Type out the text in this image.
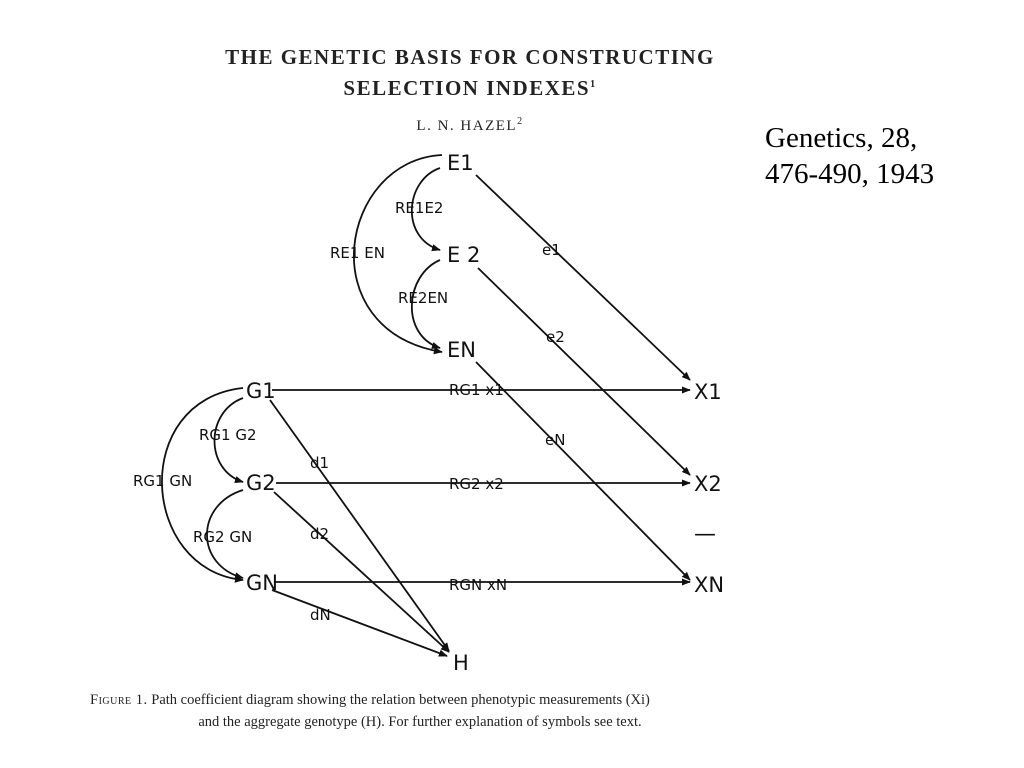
THE GENETIC BASIS FOR CONSTRUCTING
SELECTION INDEXES$^1$
L. N. HAZEL$^2$
Genetics, 28,
476-490, 1943
E1
E 2
EN
G1
G2
GN
X1
X2
XN
H
RE1E2
RE2EN
RE1 EN
RG1 G2
RG2 GN
RG1 GN
e1
e2
eN
d1
d2
dN
RG1 x1
RG2 x2
RGN xN
—
Figure 1. Path coefficient diagram showing the relation between phenotypic measurements (Xi)
and the aggregate genotype (H). For further explanation of symbols see text.
